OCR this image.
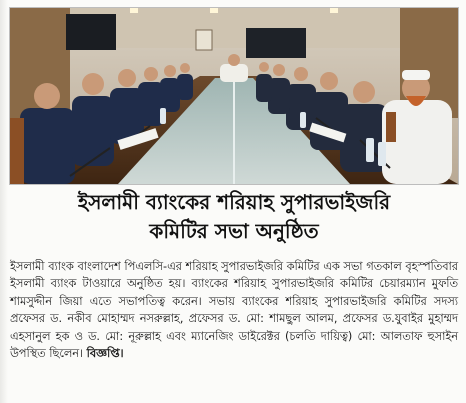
ইসলামী ব্যাংকের শরিয়াহ সুপারভাইজরি
কমিটির সভা অনুষ্ঠিত
ইসলামী ব্যাংক বাংলাদেশ পিএলসি-এর শরিয়াহ সুপারভাইজরি কমিটির এক সভা গতকাল বৃহস্পতিবার ইসলামী ব্যাংক টাওয়ারে অনুষ্ঠিত হয়। ব্যাংকের শরিয়াহ সুপারভাইজরি কমিটির চেয়ারম্যান মুফতি শামসুদ্দীন জিয়া এতে সভাপতিত্ব করেন। সভায় ব্যাংকের শরিয়াহ সুপারভাইজরি কমিটির সদস্য প্রফেসর ড. নকীব মোহাম্মদ নসরুল্লাহ, প্রফেসর ড. মো: শামছুল আলম, প্রফেসর ড.যুবাইর মুহাম্মদ এহসানুল হক ও ড. মো: নূরুল্লাহ এবং ম্যানেজিং ডাইরেক্টর (চলতি দায়িত্ব) মো: আলতাফ হুসাইন উপস্থিত ছিলেন। বিজ্ঞপ্তি।
